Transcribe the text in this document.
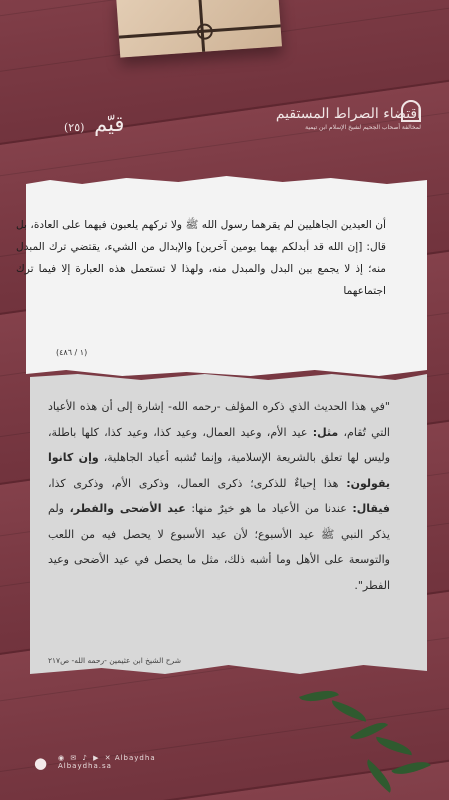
اقتضاء الصراط المستقيم
لمخالفة أصحاب الجحيم لشيخ الإسلام ابن تيمية
قيّم (٢٥)
أن العيدين الجاهليين لم يقرهما رسول الله ﷺ ولا تركهم يلعبون فيهما على العادة، بل قال: [إن الله قد أبدلكم بهما يومين آخرين] والإبدال من الشيء، يقتضي ترك المبدل منه؛ إذ لا يجمع بين البدل والمبدل منه، ولهذا لا تستعمل هذه العبارة إلا فيما ترك اجتماعهما
(١ / ٤٨٦)
"في هذا الحديث الذي ذكره المؤلف -رحمه الله- إشارة إلى أن هذه الأعياد التي تُقام، مثل: عيد الأم، وعيد العمال، وعيد كذا، وعيد كذا، كلها باطلة، وليس لها تعلق بالشريعة الإسلامية، وإنما تُشبه أعياد الجاهلية، وإن كانوا يقولون: هذا إحياءٌ للذكرى؛ ذكرى العمال، وذكرى الأم، وذكرى كذا، فيقال: عندنا من الأعياد ما هو خيرٌ منها: عيد الأضحى والفطر، ولم يذكر النبي ﷺ عيد الأسبوع؛ لأن عيد الأسبوع لا يحصل فيه من اللعب والتوسعة على الأهل وما أشبه ذلك، مثل ما يحصل في عيد الأضحى وعيد الفطر".
شرح الشيخ ابن عثيمين -رحمه الله- ص٢١٧
● ◉ ✉ ♪ ▶ ✕ Albaydha
Albaydha.sa
